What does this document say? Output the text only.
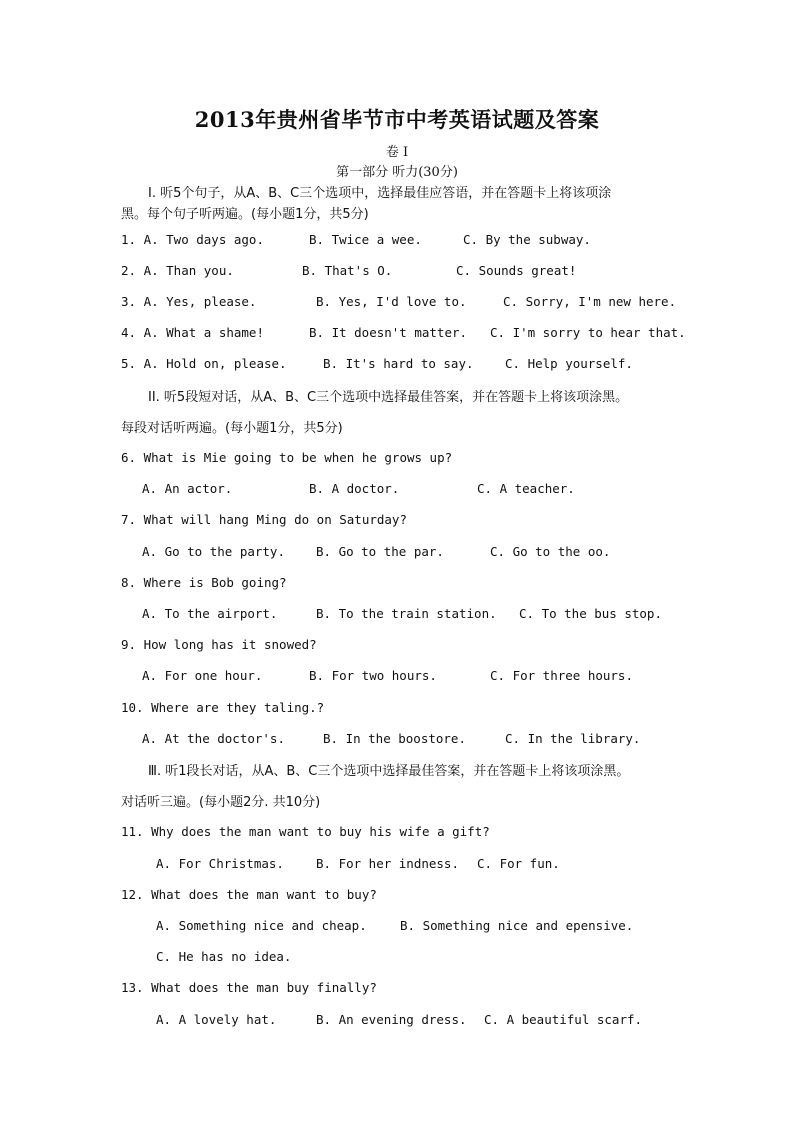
2013年贵州省毕节市中考英语试题及答案
卷 I
第一部分 听力(30分)
I. 听5个句子，从A、B、C三个选项中，选择最佳应答语，并在答题卡上将该项涂
黑。每个句子听两遍。(每小题1分，共5分)
1. A. Two days ago.	B. Twice a wee.	C. By the subway.
2. A. Than you.	B. That's O.	C. Sounds great!
3. A. Yes, please.	B. Yes, I'd love to.	C. Sorry, I'm new here.
4. A. What a shame!	B. It doesn't matter. C. I'm sorry to hear that.
5. A. Hold on, please.	B. It's hard to say.	C. Help yourself.
II. 听5段短对话，从A、B、C三个选项中选择最佳答案，并在答题卡上将该项涂黑。
每段对话听两遍。(每小题1分，共5分)
6. What is Mie going to be when he grows up?
A. An actor.	B. A doctor.	C. A teacher.
7. What will hang Ming do on Saturday?
A. Go to the party. B. Go to the par.	C. Go to the oo.
8. Where is Bob going?
A. To the airport.	B. To the train station. C. To the bus stop.
9. How long has it snowed?
A. For one hour.	B. For two hours.	C. For three hours.
10. Where are they taling.?
A. At the doctor's.	B. In the boostore.	C. In the library.
Ⅲ. 听1段长对话，从A、B、C三个选项中选择最佳答案，并在答题卡上将该项涂黑。
对话听三遍。(每小题2分. 共10分)
11. Why does the man want to buy his wife a gift?
A. For Christmas.	B. For her indness. C. For fun.
12. What does the man want to buy?
A. Something nice and cheap.	B. Something nice and epensive.
C. He has no idea.
13. What does the man buy finally?
A. A lovely hat.	B. An evening dress. C. A beautiful scarf.
